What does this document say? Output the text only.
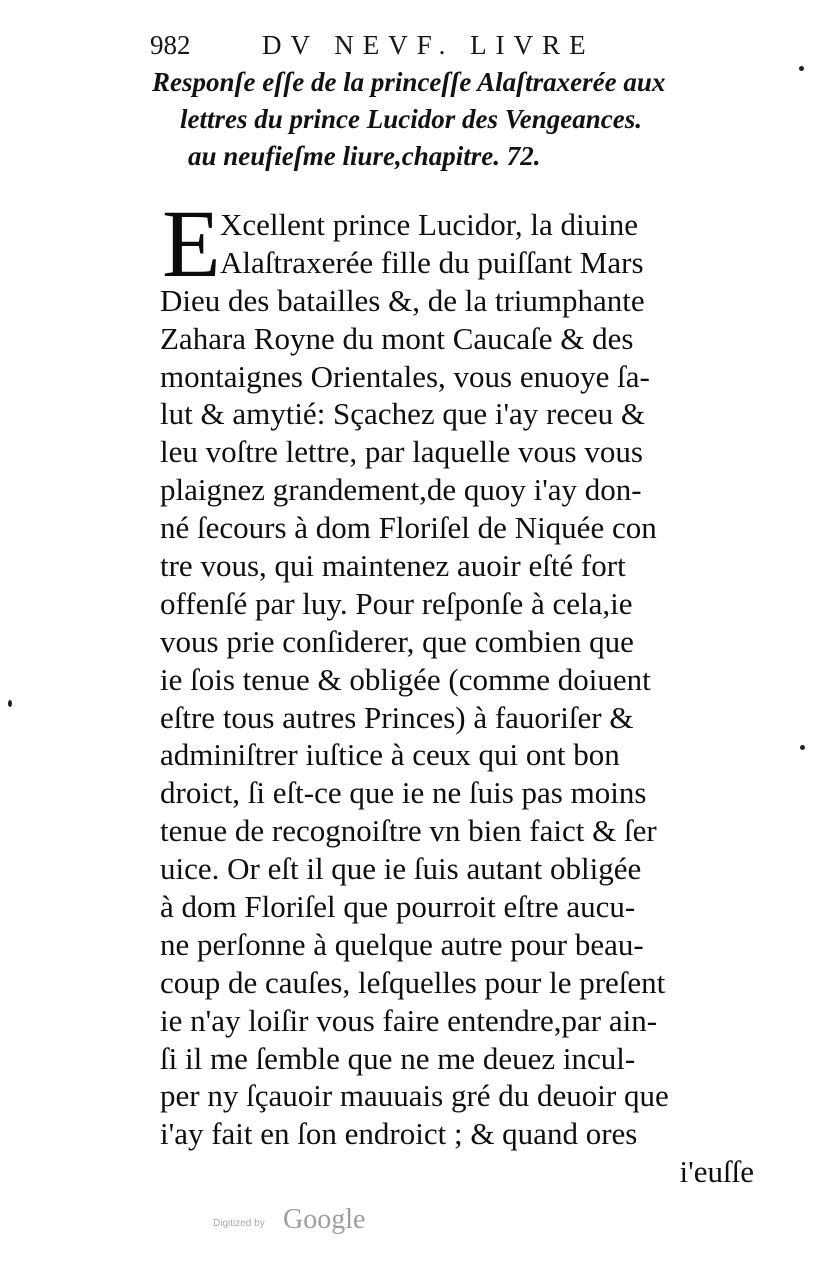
982	DV NEVF. LIVRE
Responſe eſſe de la princeſſe Alaſtraxerée aux
lettres du prince Lucidor des Vengeances.
au neufieſme liure,chapitre. 72.
E Xcellent prince Lucidor, la diuine
Alaſtraxerée fille du puiſſant Mars
Dieu des batailles &, de la triumphante
Zahara Royne du mont Caucaſe & des
montaignes Orientales, vous enuoye ſa-
lut & amytié: Sçachez que i'ay receu &
leu voſtre lettre, par laquelle vous vous
plaignez grandement,de quoy i'ay don-
né ſecours à dom Floriſel de Niquée con
tre vous, qui maintenez auoir eſté fort
offenſé par luy. Pour reſponſe à cela,ie
vous prie conſiderer, que combien que
ie ſois tenue & obligée (comme doiuent
eſtre tous autres Princes) à fauoriſer &
adminiſtrer iuſtice à ceux qui ont bon
droict, ſi eſt-ce que ie ne ſuis pas moins
tenue de recognoiſtre vn bien faict & ſer
uice. Or eſt il que ie ſuis autant obligée
à dom Floriſel que pourroit eſtre aucu-
ne perſonne à quelque autre pour beau-
coup de cauſes, leſquelles pour le preſent
ie n'ay loiſir vous faire entendre,par ain-
ſi il me ſemble que ne me deuez incul-
per ny ſçauoir mauuais gré du deuoir que
i'ay fait en ſon endroict ; & quand ores
i'euſſe
Digitized by Google
